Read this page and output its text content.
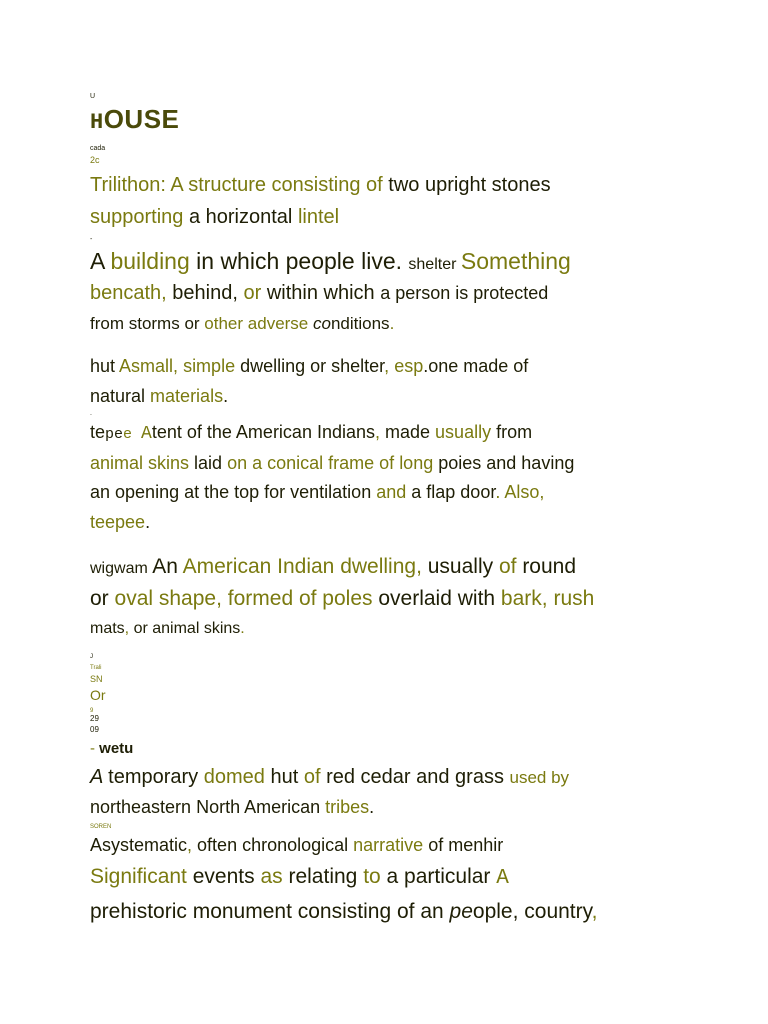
U
HOUSE
cada
2c
Trilithon: A structure consisting of two upright stones
supporting a horizontal lintel
-
A building in which people live. shelter Something
bencath, behind, or within which a person is protected
from storms or other adverse conditions.
hut Asmall, simple dwelling or shelter, esp.one made of
natural materials.
.
tepee Atent of the American Indians, made usually from
animal skins laid on a conical frame of long poies and having
an opening at the top for ventilation and a flap door. Also,
teepee.
wigwam An American Indian dwelling, usually of round
or oval shape, formed of poles overlaid with bark, rush
mats, or animal skins.
J
Trali
SN
Or
9
29
09
- wetu
A temporary domed hut of red cedar and grass used by
northeastern North American tribes.
SOREN
Asystematic, often chronological narrative of menhir
Significant events as relating to a particular A
prehistoric monument consisting of an people, country,
